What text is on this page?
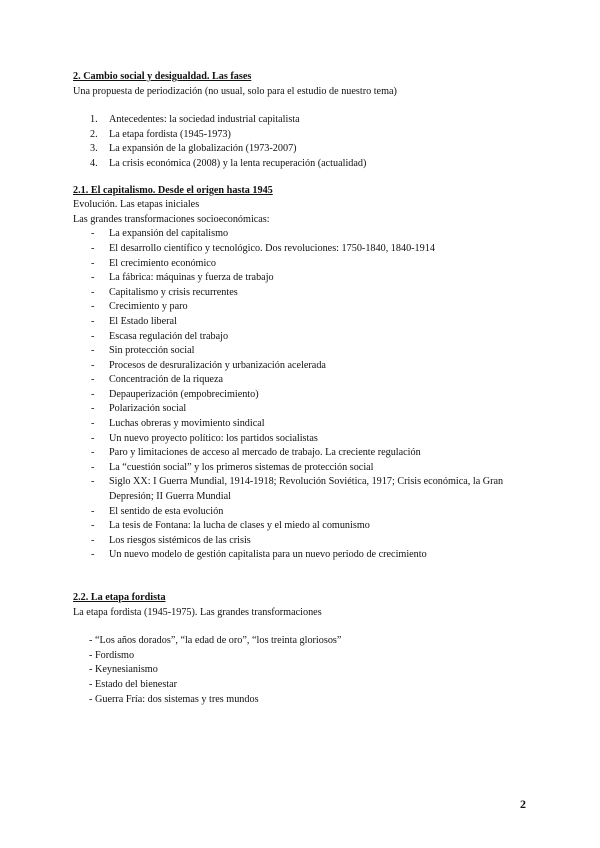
2. Cambio social y desigualdad. Las fases

Una propuesta de periodización (no usual, solo para el estudio de nuestro tema)

1. Antecedentes: la sociedad industrial capitalista
2. La etapa fordista (1945-1973)
3. La expansión de la globalización (1973-2007)
4. La crisis económica (2008) y la lenta recuperación (actualidad)

2.1. El capitalismo. Desde el origen hasta 1945

Evolución. Las etapas iniciales

Las grandes transformaciones socioeconómicas:

- La expansión del capitalismo
- El desarrollo científico y tecnológico. Dos revoluciones: 1750-1840, 1840-1914
- El crecimiento económico
- La fábrica: máquinas y fuerza de trabajo
- Capitalismo y crisis recurrentes
- Crecimiento y paro
- El Estado liberal
- Escasa regulación del trabajo
- Sin protección social
- Procesos de desruralización y urbanización acelerada
- Concentración de la riqueza
- Depauperización (empobrecimiento)
- Polarización social
- Luchas obreras y movimiento sindical
- Un nuevo proyecto político: los partidos socialistas
- Paro y limitaciones de acceso al mercado de trabajo. La creciente regulación
- La “cuestión social” y los primeros sistemas de protección social
- Siglo XX: I Guerra Mundial, 1914-1918; Revolución Soviética, 1917; Crisis económica, la Gran Depresión; II Guerra Mundial
- El sentido de esta evolución
- La tesis de Fontana: la lucha de clases y el miedo al comunismo
- Los riesgos sistémicos de las crisis
- Un nuevo modelo de gestión capitalista para un nuevo periodo de crecimiento

2.2. La etapa fordista

La etapa fordista (1945-1975). Las grandes transformaciones

- “Los años dorados”, “la edad de oro”, “los treinta gloriosos”
- Fordismo
- Keynesianismo
- Estado del bienestar
- Guerra Fría: dos sistemas y tres mundos
2
